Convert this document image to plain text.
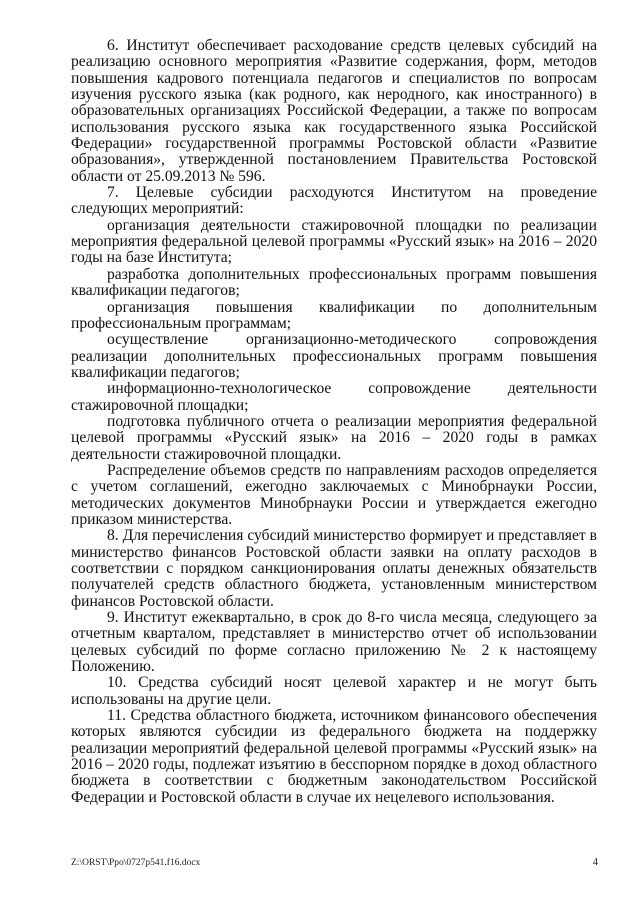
6. Институт обеспечивает расходование средств целевых субсидий на реализацию основного мероприятия «Развитие содержания, форм, методов повышения кадрового потенциала педагогов и специалистов по вопросам изучения русского языка (как родного, как неродного, как иностранного) в образовательных организациях Российской Федерации, а также по вопросам использования русского языка как государственного языка Российской Федерации» государственной программы Ростовской области «Развитие образования», утвержденной постановлением Правительства Ростовской области от 25.09.2013 № 596.

7. Целевые субсидии расходуются Институтом на проведение следующих мероприятий:

организация деятельности стажировочной площадки по реализации мероприятия федеральной целевой программы «Русский язык» на 2016 – 2020 годы на базе Института;

разработка дополнительных профессиональных программ повышения квалификации педагогов;

организация повышения квалификации по дополнительным профессиональным программам;

осуществление организационно-методического сопровождения реализации дополнительных профессиональных программ повышения квалификации педагогов;

информационно-технологическое сопровождение деятельности стажировочной площадки;

подготовка публичного отчета о реализации мероприятия федеральной целевой программы «Русский язык» на 2016 – 2020 годы в рамках деятельности стажировочной площадки.

Распределение объемов средств по направлениям расходов определяется с учетом соглашений, ежегодно заключаемых с Минобрнауки России, методических документов Минобрнауки России и утверждается ежегодно приказом министерства.

8. Для перечисления субсидий министерство формирует и представляет в министерство финансов Ростовской области заявки на оплату расходов в соответствии с порядком санкционирования оплаты денежных обязательств получателей средств областного бюджета, установленным министерством финансов Ростовской области.

9. Институт ежеквартально, в срок до 8-го числа месяца, следующего за отчетным кварталом, представляет в министерство отчет об использовании целевых субсидий по форме согласно приложению № 2 к настоящему Положению.

10. Средства субсидий носят целевой характер и не могут быть использованы на другие цели.

11. Средства областного бюджета, источником финансового обеспечения которых являются субсидии из федерального бюджета на поддержку реализации мероприятий федеральной целевой программы «Русский язык» на 2016 – 2020 годы, подлежат изъятию в бесспорном порядке в доход областного бюджета в соответствии с бюджетным законодательством Российской Федерации и Ростовской области в случае их нецелевого использования.

Z:\ORST\Ppo\0727p541.f16.docx	4
